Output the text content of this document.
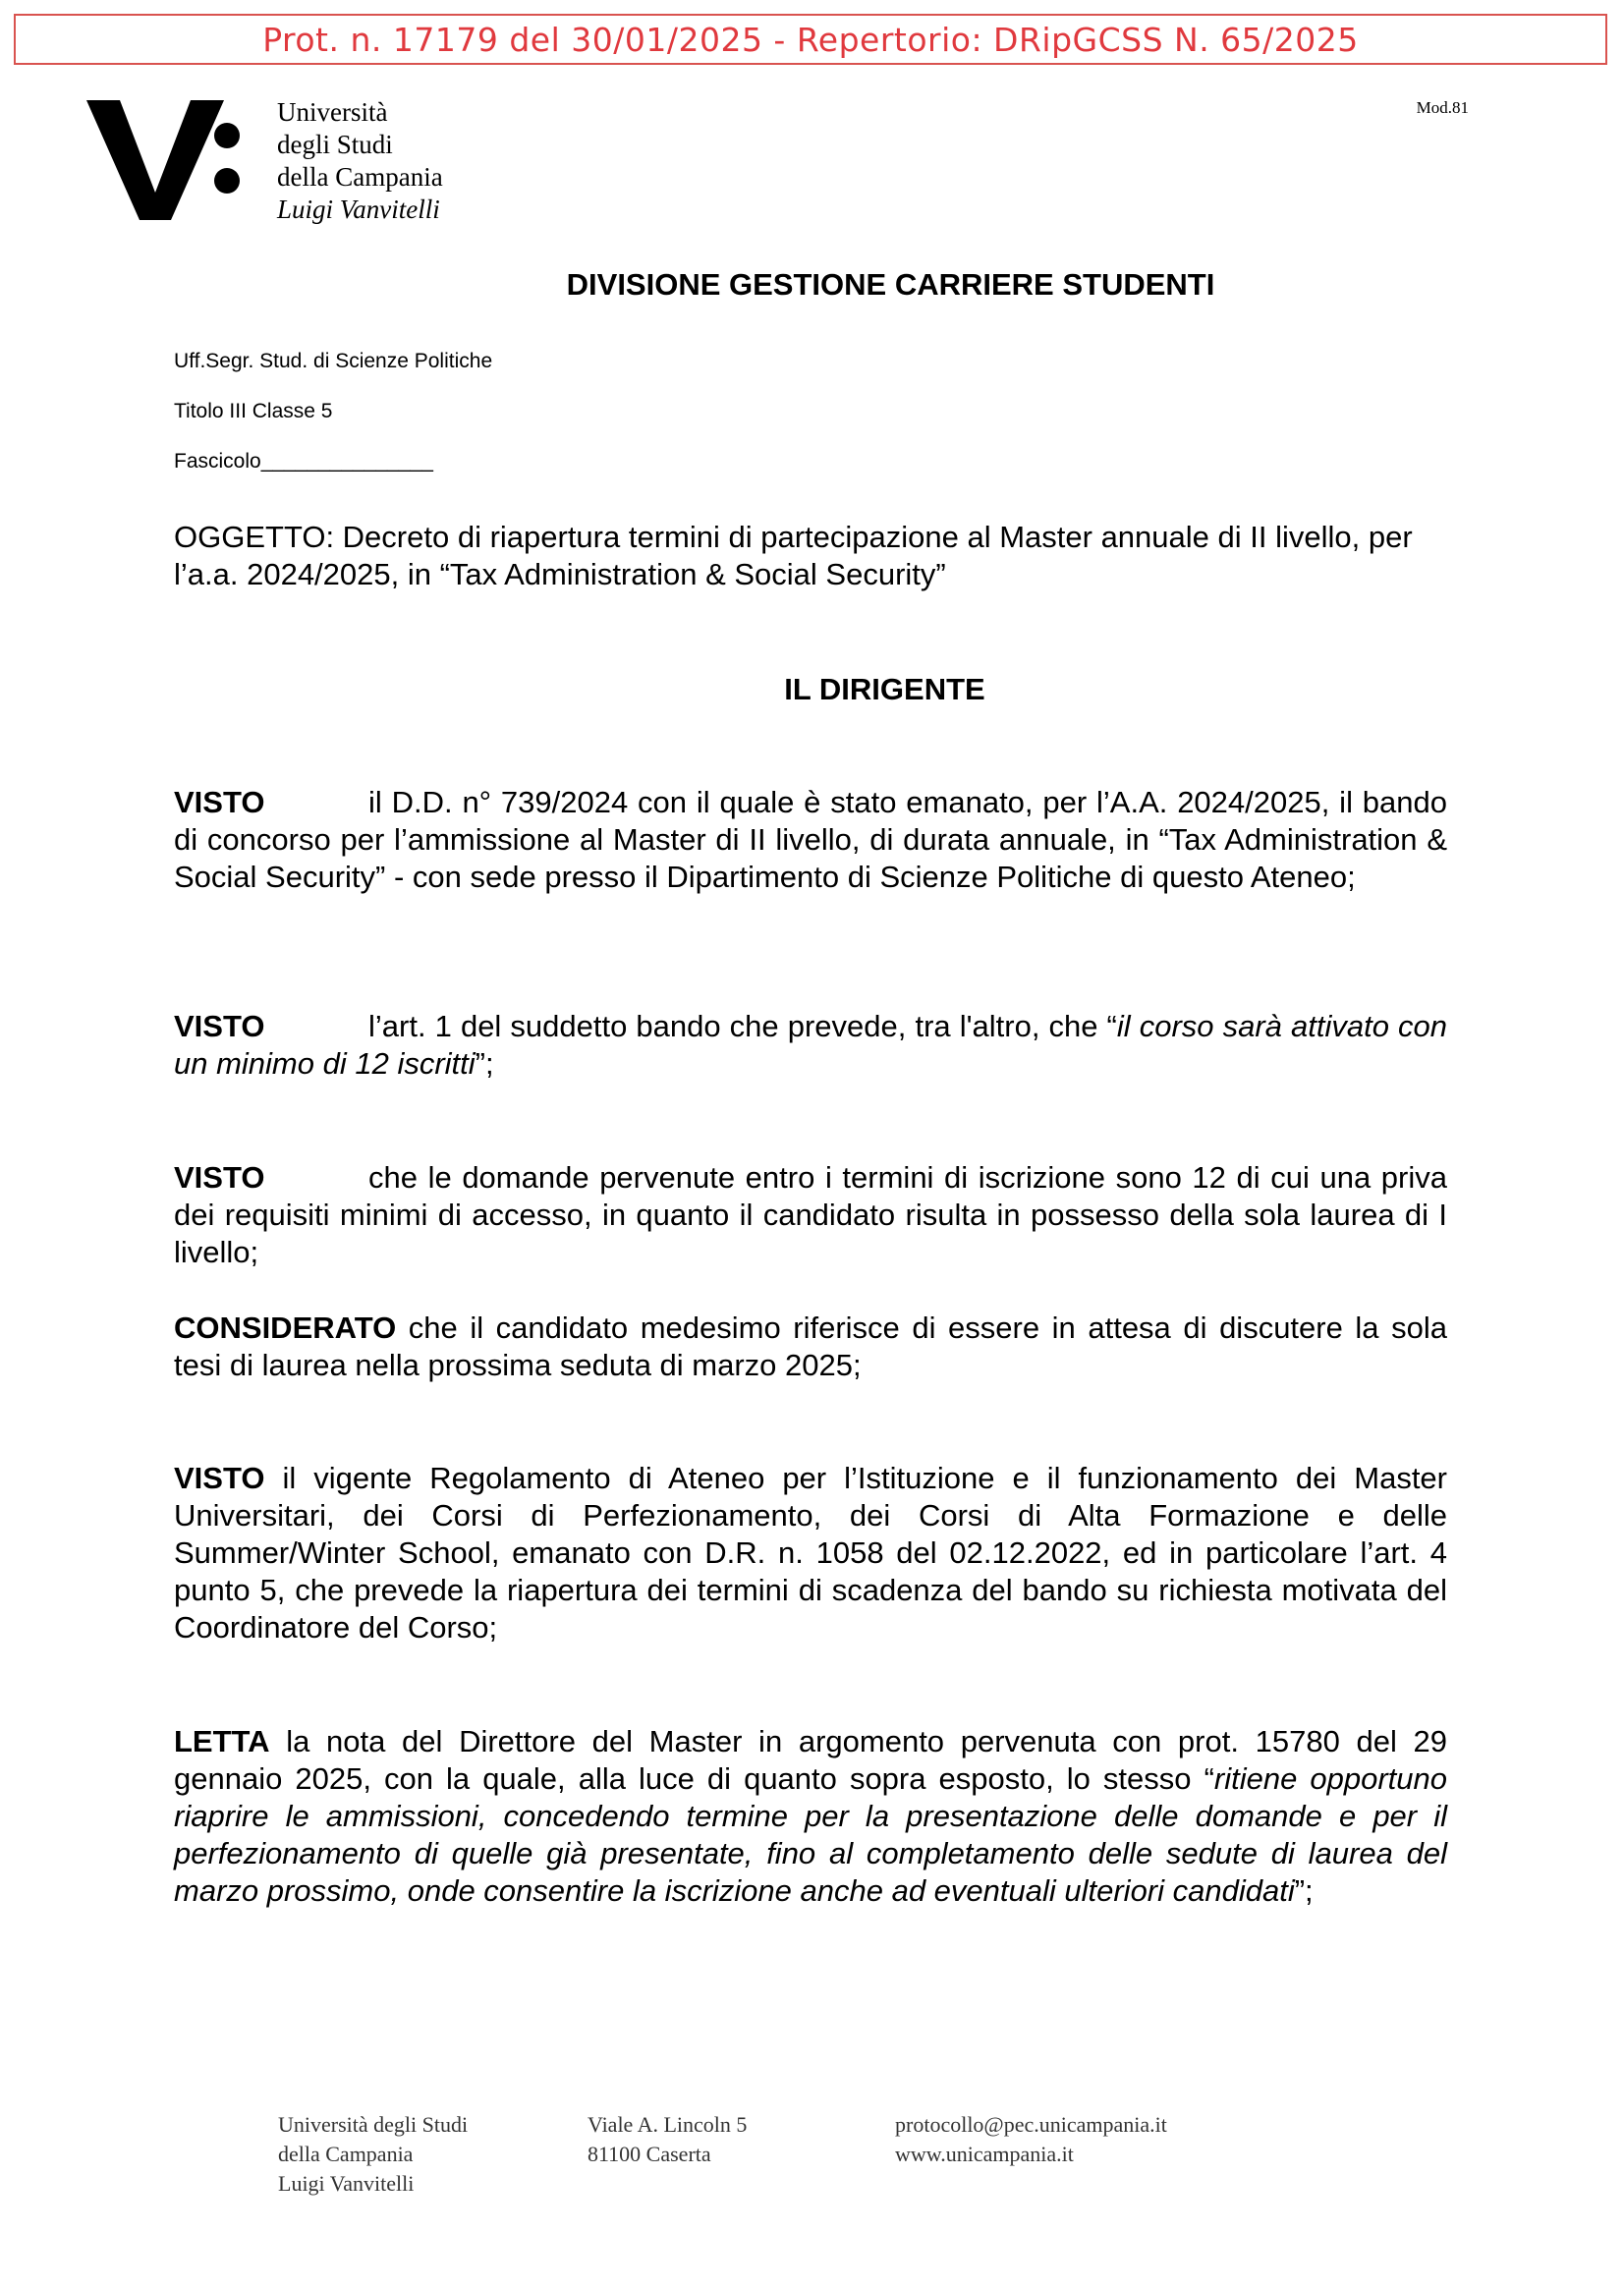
Prot. n. 17179 del 30/01/2025 - Repertorio: DRipGCSS N. 65/2025
Università
degli Studi
della Campania
Luigi Vanvitelli
Mod.81
DIVISIONE GESTIONE CARRIERE STUDENTI
Uff.Segr. Stud. di Scienze Politiche
Titolo III Classe 5
Fascicolo_______________
OGGETTO: Decreto di riapertura termini di partecipazione al Master annuale di II livello, per l’a.a. 2024/2025, in “Tax Administration & Social Security”
IL DIRIGENTE
VISTO	il D.D. n° 739/2024 con il quale è stato emanato, per l’A.A. 2024/2025, il bando di concorso per l’ammissione al Master di II livello, di durata annuale, in “Tax Administration & Social Security” - con sede presso il Dipartimento di Scienze Politiche di questo Ateneo;
VISTO	l’art. 1 del suddetto bando che prevede, tra l'altro, che “il corso sarà attivato con un minimo di 12 iscritti”;
VISTO	che le domande pervenute entro i termini di iscrizione sono 12 di cui una priva dei requisiti minimi di accesso, in quanto il candidato risulta in possesso della sola laurea di I livello;
CONSIDERATO che il candidato medesimo riferisce di essere in attesa di discutere la sola tesi di laurea nella prossima seduta di marzo 2025;
VISTO il vigente Regolamento di Ateneo per l’Istituzione e il funzionamento dei Master Universitari, dei Corsi di Perfezionamento, dei Corsi di Alta Formazione e delle Summer/Winter School, emanato con D.R. n. 1058 del 02.12.2022, ed in particolare l’art. 4 punto 5, che prevede la riapertura dei termini di scadenza del bando su richiesta motivata del Coordinatore del Corso;
LETTA la nota del Direttore del Master in argomento pervenuta con prot. 15780 del 29 gennaio 2025, con la quale, alla luce di quanto sopra esposto, lo stesso “ritiene opportuno riaprire le ammissioni, concedendo termine per la presentazione delle domande e per il perfezionamento di quelle già presentate, fino al completamento delle sedute di laurea del marzo prossimo, onde consentire la iscrizione anche ad eventuali ulteriori candidati”;
Università degli Studi
della Campania
Luigi Vanvitelli
Viale A. Lincoln 5
81100 Caserta
protocollo@pec.unicampania.it
www.unicampania.it
